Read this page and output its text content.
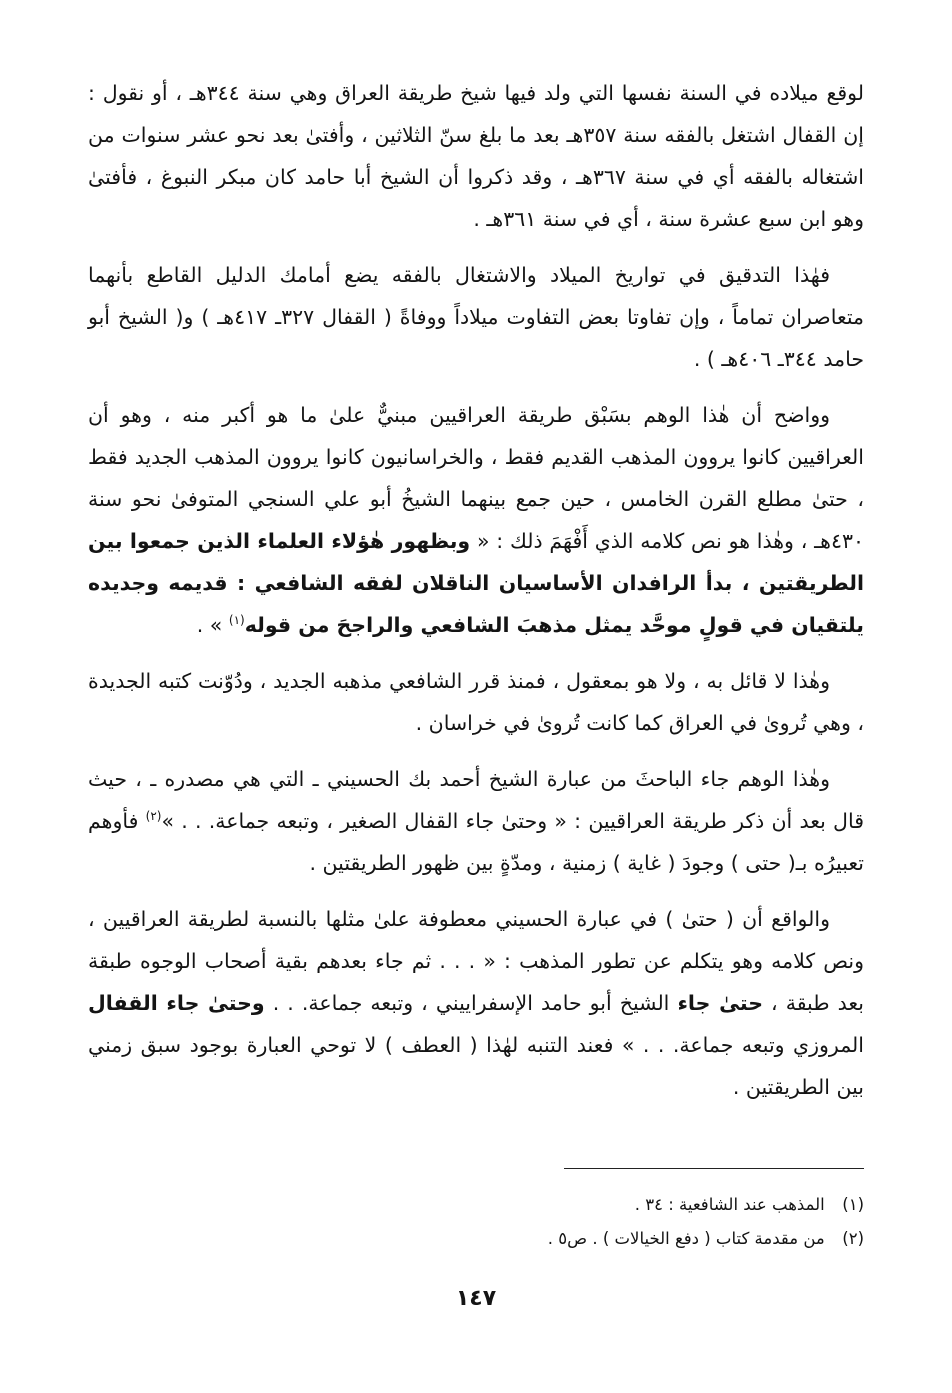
لوقع ميلاده في السنة نفسها التي ولد فيها شيخ طريقة العراق وهي سنة ٣٤٤هـ ، أو نقول : إن القفال اشتغل بالفقه سنة ٣٥٧هـ بعد ما بلغ سنّ الثلاثين ، وأفتىٰ بعد نحو عشر سنوات من اشتغاله بالفقه أي في سنة ٣٦٧هـ ، وقد ذكروا أن الشيخ أبا حامد كان مبكر النبوغ ، فأفتىٰ وهو ابن سبع عشرة سنة ، أي في سنة ٣٦١هـ .

فهٰذا التدقيق في تواريخ الميلاد والاشتغال بالفقه يضع أمامك الدليل القاطع بأنهما متعاصران تماماً ، وإن تفاوتا بعض التفاوت ميلاداً ووفاةً ( القفال ٣٢٧ـ ٤١٧هـ ) و( الشيخ أبو حامد ٣٤٤ـ ٤٠٦هـ ) .

وواضح أن هٰذا الوهم بسَبْق طريقة العراقيين مبنيٌّ علىٰ ما هو أكبر منه ، وهو أن العراقيين كانوا يروون المذهب القديم فقط ، والخراسانيون كانوا يروون المذهب الجديد فقط ، حتىٰ مطلع القرن الخامس ، حين جمع بينهما الشيخُ أبو علي السنجي المتوفىٰ نحو سنة ٤٣٠هـ ، وهٰذا هو نص كلامه الذي أَفْهَمَ ذلك : « وبظهور هٰؤلاء العلماء الذين جمعوا بين الطريقتين ، بدأ الرافدان الأساسيان الناقلان لفقه الشافعي : قديمه وجديده يلتقيان في قولٍ موحَّد يمثل مذهبَ الشافعي والراجحَ من قوله$^{(١)}$ » .

وهٰذا لا قائل به ، ولا هو بمعقول ، فمنذ قرر الشافعي مذهبه الجديد ، ودُوّنت كتبه الجديدة ، وهي تُروىٰ في العراق كما كانت تُروىٰ في خراسان .

وهٰذا الوهم جاء الباحثَ من عبارة الشيخ أحمد بك الحسيني ـ التي هي مصدره ـ ، حيث قال بعد أن ذكر طريقة العراقيين : « وحتىٰ جاء القفال الصغير ، وتبعه جماعة. . . »$^{(٢)}$ فأوهم تعبيرُه بـ( حتى ) وجودَ ( غاية ) زمنية ، ومدّةٍ بين ظهور الطريقتين .

والواقع أن ( حتىٰ ) في عبارة الحسيني معطوفة علىٰ مثلها بالنسبة لطريقة العراقيين ، ونص كلامه وهو يتكلم عن تطور المذهب : « . . . ثم جاء بعدهم بقية أصحاب الوجوه طبقة بعد طبقة ، حتىٰ جاء الشيخ أبو حامد الإسفراييني ، وتبعه جماعة. . . وحتىٰ جاء القفال المروزي وتبعه جماعة. . . » فعند التنبه لهٰذا ( العطف ) لا توحي العبارة بوجود سبق زمني بين الطريقتين .

(١) المذهب عند الشافعية : ٣٤ .

(٢) من مقدمة كتاب ( دفع الخيالات ) . ص٥ .

١٤٧
